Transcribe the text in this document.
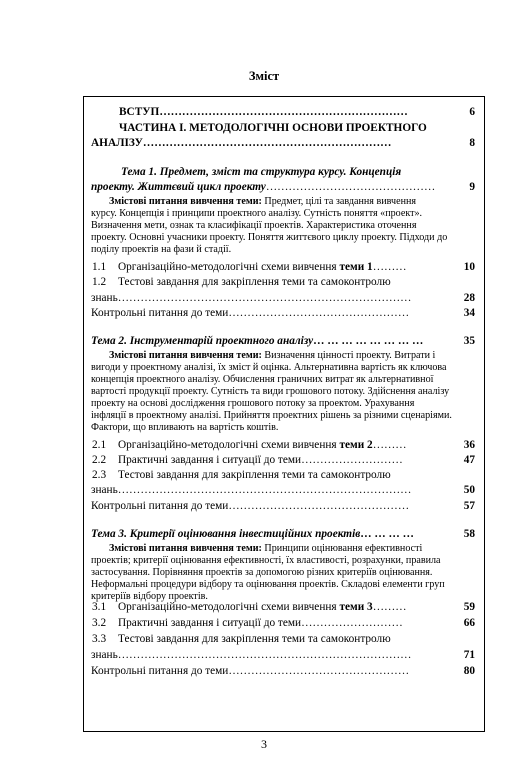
Зміст
ВСТУП…………………………………………………………	6
ЧАСТИНА І. МЕТОДОЛОГІЧНІ ОСНОВИ ПРОЕКТНОГО
АНАЛІЗУ…………………………………………………………	8
Тема 1. Предмет, зміст та структура курсу. Концепція
проекту. Життєвий цикл проекту………………………………………	9
Змістові питання вивчення теми: Предмет, цілі та завдання вивчення
курсу. Концепція і принципи проектного аналізу. Сутність поняття «проект».
Визначення мети, ознак та класифікації проектів. Характеристика оточення
проекту. Основні учасники проекту. Поняття життєвого циклу проекту. Підходи до
поділу проектів на фази й стадії.
1.1 Організаційно-методологічні схеми вивчення теми 1………	10
1.2 Тестові завдання для закріплення теми та самоконтролю
знань……………………………………………………………………	28
Контрольні питання до теми…………………………………………	34
Тема 2. Інструментарій проектного аналізу… … … … … … … …	35
Змістові питання вивчення теми: Визначення цінності проекту. Витрати і
вигоди у проектному аналізі, їх зміст й оцінка. Альтернативна вартість як ключова
концепція проектного аналізу. Обчислення граничних витрат як альтернативної
вартості продукції проекту. Сутність та види грошового потоку. Здійснення аналізу
проекту на основі дослідження грошового потоку за проектом. Урахування
інфляції в проектному аналізі. Прийняття проектних рішень за різними сценаріями.
Фактори, що впливають на вартість коштів.
2.1 Організаційно-методологічні схеми вивчення теми 2………	36
2.2 Практичні завдання і ситуації до теми………………………	47
2.3 Тестові завдання для закріплення теми та самоконтролю
знань……………………………………………………………………	50
Контрольні питання до теми…………………………………………	57
Тема 3. Критерії оцінювання інвестиційних проектів… … … …	58
Змістові питання вивчення теми: Принципи оцінювання ефективності
проектів; критерії оцінювання ефективності, їх властивості, розрахунки, правила
застосування. Порівняння проектів за допомогою різних критеріїв оцінювання.
Неформальні процедури відбору та оцінювання проектів. Складові елементи груп
критеріїв відбору проектів.
3.1 Організаційно-методологічні схеми вивчення теми 3………	59
3.2 Практичні завдання і ситуації до теми………………………	66
3.3 Тестові завдання для закріплення теми та самоконтролю
знань……………………………………………………………………	71
Контрольні питання до теми…………………………………………	80
3
